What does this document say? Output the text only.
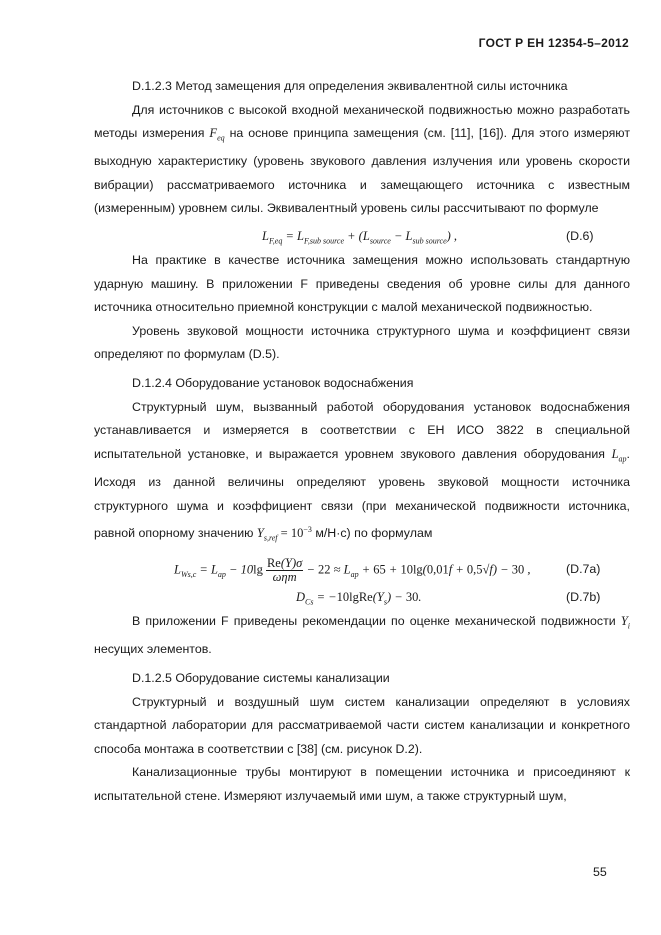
ГОСТ Р ЕН 12354-5–2012

D.1.2.3 Метод замещения для определения эквивалентной силы источника

Для источников с высокой входной механической подвижностью можно разработать методы измерения $F_{eq}$ на основе принципа замещения (см. [11], [16]). Для этого измеряют выходную характеристику (уровень звукового давления излучения или уровень скорости вибрации) рассматриваемого источника и замещающего источника с известным (измеренным) уровнем силы. Эквивалентный уровень силы рассчитывают по формуле

$L_{F,eq} = L_{F,sub source} + (L_{source} - L_{sub source})$ ,	(D.6)

На практике в качестве источника замещения можно использовать стандартную ударную машину. В приложении F приведены сведения об уровне силы для данного источника относительно приемной конструкции с малой механической подвижностью.

Уровень звуковой мощности источника структурного шума и коэффициент связи определяют по формулам (D.5).

D.1.2.4 Оборудование установок водоснабжения

Структурный шум, вызванный работой оборудования установок водоснабжения устанавливается и измеряется в соответствии с ЕН ИСО 3822 в специальной испытательной установке, и выражается уровнем звукового давления оборудования $L_{ap}$. Исходя из данной величины определяют уровень звуковой мощности источника структурного шума и коэффициент связи (при механической подвижности источника, равной опорному значению $Y_{s,ref} = 10^{-3}$ м/Н·с) по формулам

$L_{Ws,c} = L_{ap} - 10\lg$ Re(Y)σ
ωηm
− $22 \approx L_{ap} + 65 + 10\lg(0,01f + 0,5√f) - 30$ ,	(D.7a)
$D_{Cs}$ = $-10lgRe(Y_s) - 30$.	(D.7b)

В приложении F приведены рекомендации по оценке механической подвижности $Y_i$ несущих элементов.

D.1.2.5 Оборудование системы канализации

Структурный и воздушный шум систем канализации определяют в условиях стандартной лаборатории для рассматриваемой части систем канализации и конкретного способа монтажа в соответствии с [38] (см. рисунок D.2).

Канализационные трубы монтируют в помещении источника и присоединяют к испытательной стене. Измеряют излучаемый ими шум, а также структурный шум,

55
